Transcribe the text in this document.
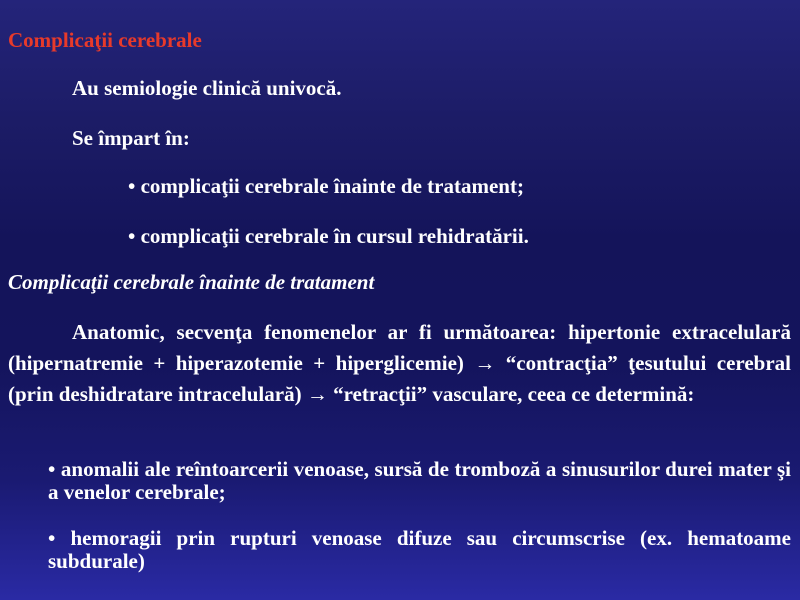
Complicaţii cerebrale
Au semiologie clinică univocă.
Se împart în:
• complicaţii cerebrale înainte de tratament;
• complicaţii cerebrale în cursul rehidratării.
Complicaţii cerebrale înainte de tratament
Anatomic, secvenţa fenomenelor ar fi următoarea: hipertonie extracelulară (hipernatremie + hiperazotemie + hiperglicemie) → “contracţia” ţesutului cerebral (prin deshidratare intracelulară) → “retracţii” vasculare, ceea ce determină:
• anomalii ale reîntoarcerii venoase, sursă de tromboză a sinusurilor durei mater şi a venelor cerebrale;
• hemoragii prin rupturi venoase difuze sau circumscrise (ex. hematoame subdurale)
